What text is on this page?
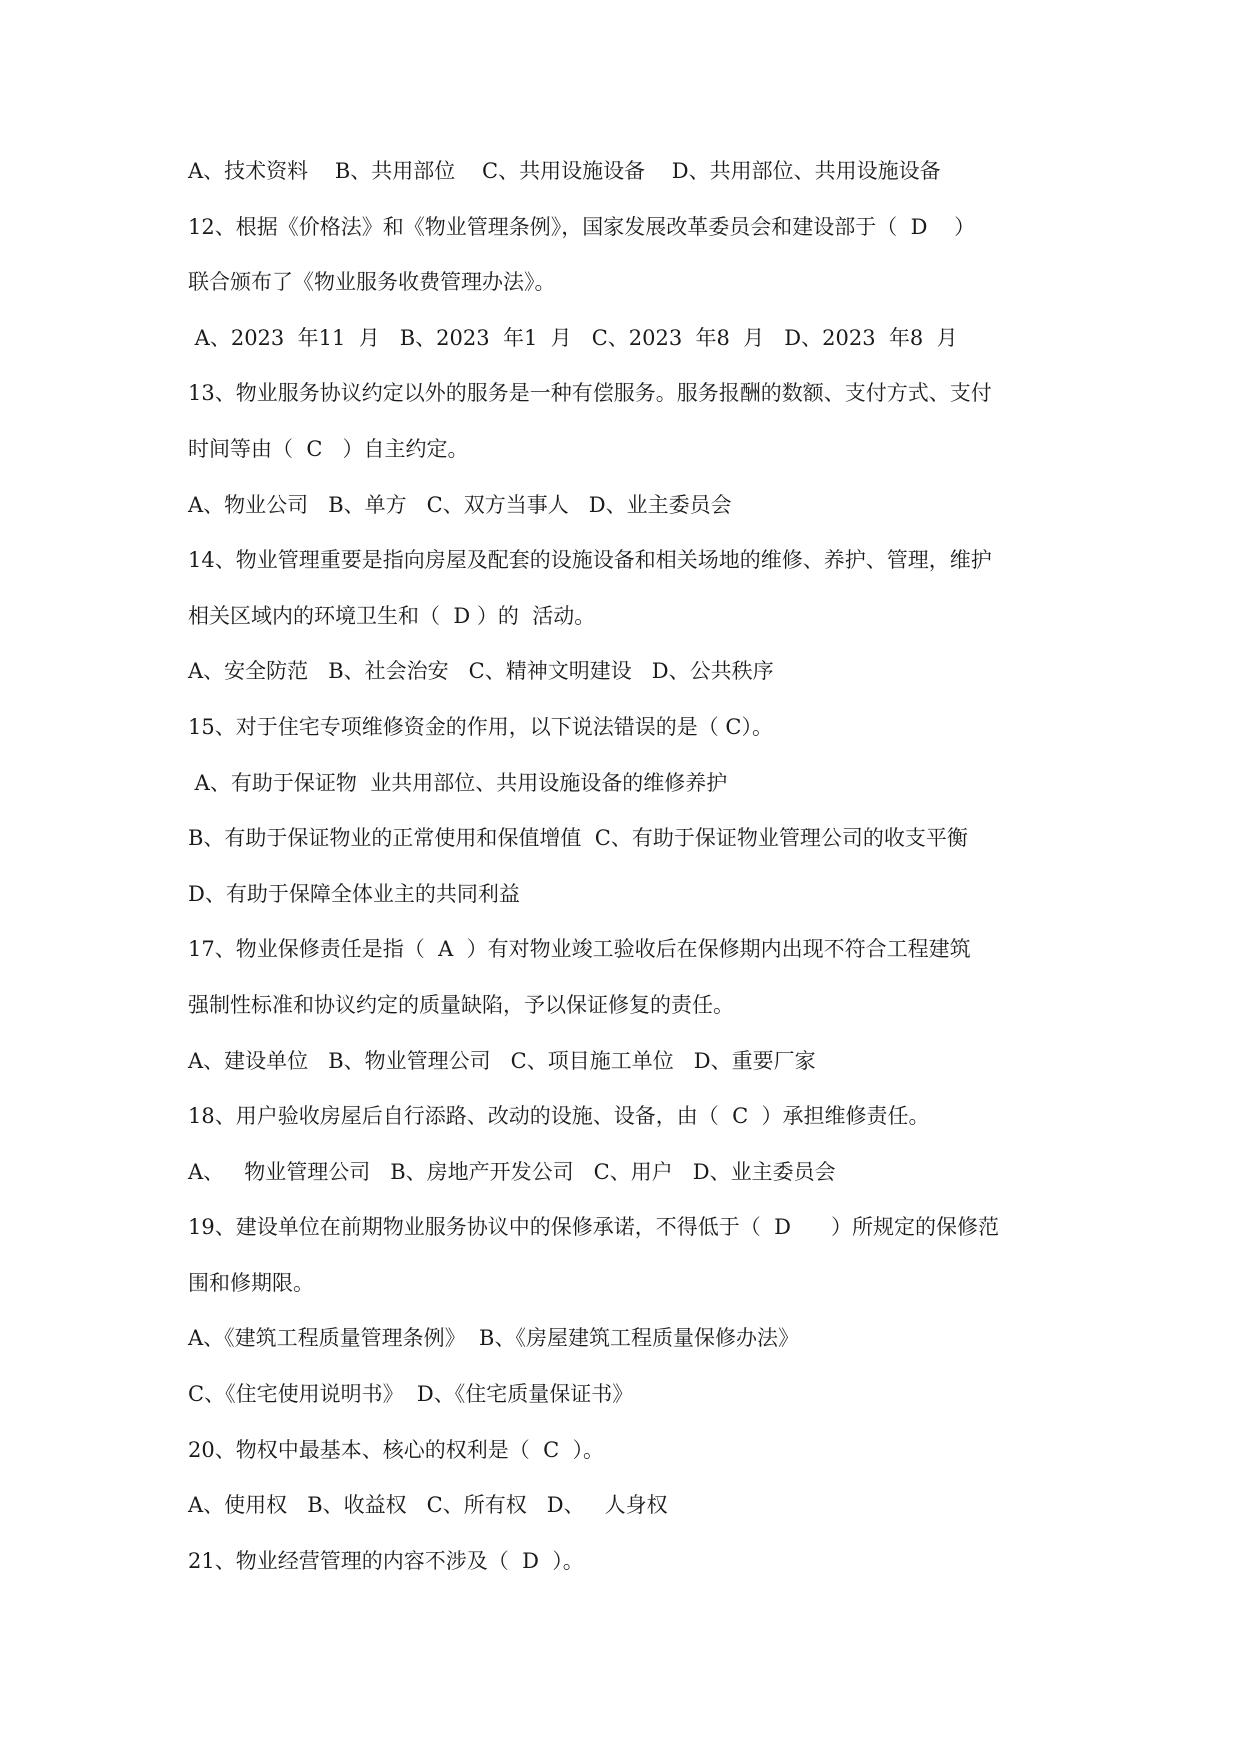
A、技术资料    B、共用部位    C、共用设施设备    D、共用部位、共用设施设备

12、根据《价格法》和《物业管理条例》，国家发展改革委员会和建设部于（  D    ）

联合颁布了《物业服务收费管理办法》。

A、2023  年11  月   B、2023  年1  月   C、2023  年8  月   D、2023  年8  月

13、物业服务协议约定以外的服务是一种有偿服务。服务报酬的数额、支付方式、支付

时间等由（  C   ）自主约定。

A、物业公司   B、单方   C、双方当事人   D、业主委员会

14、物业管理重要是指向房屋及配套的设施设备和相关场地的维修、养护、管理，维护

相关区域内的环境卫生和（  D ）的  活动。

A、安全防范   B、社会治安   C、精神文明建设   D、公共秩序

15、对于住宅专项维修资金的作用，以下说法错误的是（ C）。

A、有助于保证物  业共用部位、共用设施设备的维修养护

B、有助于保证物业的正常使用和保值增值  C、有助于保证物业管理公司的收支平衡

D、有助于保障全体业主的共同利益

17、物业保修责任是指（  A  ）有对物业竣工验收后在保修期内出现不符合工程建筑

强制性标准和协议约定的质量缺陷，予以保证修复的责任。

A、建设单位   B、物业管理公司   C、项目施工单位   D、重要厂家

18、用户验收房屋后自行添路、改动的设施、设备，由（  C  ）承担维修责任。

A、   物业管理公司   B、房地产开发公司   C、用户   D、业主委员会

19、建设单位在前期物业服务协议中的保修承诺，不得低于（  D      ）所规定的保修范

围和修期限。

A、《建筑工程质量管理条例》  B、《房屋建筑工程质量保修办法》

C、《住宅使用说明书》  D、《住宅质量保证书》

20、物权中最基本、核心的权利是（  C  ）。

A、使用权   B、收益权   C、所有权   D、   人身权

21、物业经营管理的内容不涉及（  D  ）。
